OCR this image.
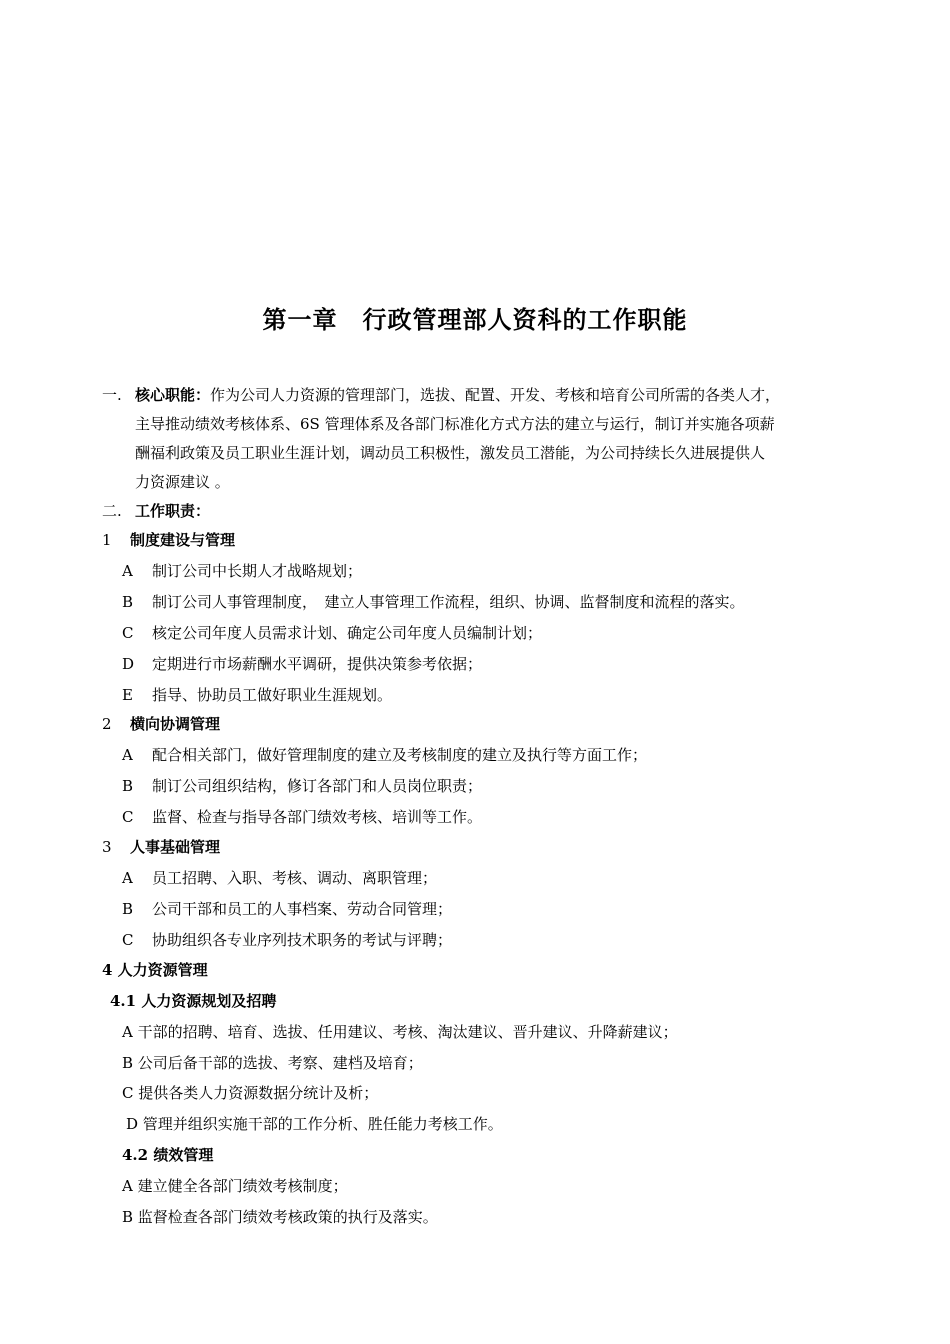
第一章　行政管理部人资科的工作职能
一. 核心职能：作为公司人力资源的管理部门，选拔、配置、开发、考核和培育公司所需的各类人才，
主导推动绩效考核体系、6S 管理体系及各部门标准化方式方法的建立与运行，制订并实施各项薪
酬福利政策及员工职业生涯计划，调动员工积极性，激发员工潜能，为公司持续长久进展提供人
力资源建议 。
二. 工作职责：
1 制度建设与管理
A 制订公司中长期人才战略规划；
B 制订公司人事管理制度，　建立人事管理工作流程，组织、协调、监督制度和流程的落实。
C 核定公司年度人员需求计划、确定公司年度人员编制计划；
D 定期进行市场薪酬水平调研，提供决策参考依据；
E 指导、协助员工做好职业生涯规划。
2 横向协调管理
A 配合相关部门，做好管理制度的建立及考核制度的建立及执行等方面工作；
B 制订公司组织结构，修订各部门和人员岗位职责；
C 监督、检查与指导各部门绩效考核、培训等工作。
3 人事基础管理
A 员工招聘、入职、考核、调动、离职管理；
B 公司干部和员工的人事档案、劳动合同管理；
C 协助组织各专业序列技术职务的考试与评聘；
4 人力资源管理
4.1 人力资源规划及招聘
A 干部的招聘、培育、选拔、任用建议、考核、淘汰建议、晋升建议、升降薪建议；
B 公司后备干部的选拔、考察、建档及培育；
C 提供各类人力资源数据分统计及析；
D 管理并组织实施干部的工作分析、胜任能力考核工作。
4.2 绩效管理
A 建立健全各部门绩效考核制度；
B 监督检查各部门绩效考核政策的执行及落实。
